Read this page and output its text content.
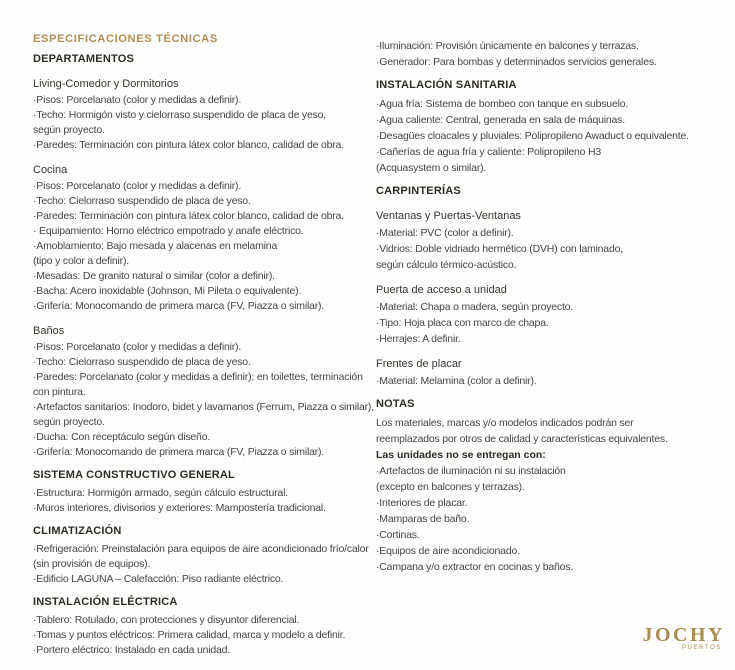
ESPECIFICACIONES TÉCNICAS
DEPARTAMENTOS
Living-Comedor y Dormitorios
·Pisos: Porcelanato (color y medidas a definir).
·Techo: Hormigón visto y cielorraso suspendido de placa de yeso,
según proyecto.
·Paredes: Terminación con pintura látex color blanco, calidad de obra.
Cocina
·Pisos: Porcelanato (color y medidas a definir).
·Techo: Cielorraso suspendido de placa de yeso.
·Paredes: Terminación con pintura látex color blanco, calidad de obra.
· Equipamiento: Horno eléctrico empotrado y anafe eléctrico.
·Amoblamiento: Bajo mesada y alacenas en melamina
(tipo y color a definir).
·Mesadas: De granito natural o similar (color a definir).
·Bacha: Acero inoxidable (Johnson, Mi Pileta o equivalente).
·Grifería: Monocomando de primera marca (FV, Piazza o similar).
Baños
·Pisos: Porcelanato (color y medidas a definir).
·Techo: Cielorraso suspendido de placa de yeso.
·Paredes: Porcelanato (color y medidas a definir); en toilettes, terminación
con pintura.
·Artefactos sanitarios: Inodoro, bidet y lavamanos (Ferrum, Piazza o similar),
según proyecto.
·Ducha: Con receptáculo según diseño.
·Grifería: Monocomando de primera marca (FV, Piazza o similar).
SISTEMA CONSTRUCTIVO GENERAL
·Estructura: Hormigón armado, según cálculo estructural.
·Muros interiores, divisorios y exteriores: Mampostería tradicional.
CLIMATIZACIÓN
·Refrigeración: Preinstalación para equipos de aire acondicionado frío/calor
(sin provisión de equipos).
·Edificio LAGUNA – Calefacción: Piso radiante eléctrico.
INSTALACIÓN ELÉCTRICA
·Tablero: Rotulado, con protecciones y disyuntor diferencial.
·Tomas y puntos eléctricos: Primera calidad, marca y modelo a definir.
·Portero eléctrico: Instalado en cada unidad.
·Iluminación: Provisión únicamente en balcones y terrazas.
·Generador: Para bombas y determinados servicios generales.
INSTALACIÓN SANITARIA
·Agua fría: Sistema de bombeo con tanque en subsuelo.
·Agua caliente: Central, generada en sala de máquinas.
·Desagües cloacales y pluviales: Polipropileno Awaduct o equivalente.
·Cañerías de agua fría y caliente: Polipropileno H3
(Acquasystem o similar).
CARPINTERÍAS
Ventanas y Puertas-Ventanas
·Material: PVC (color a definir).
·Vidrios: Doble vidriado hermético (DVH) con laminado,
según cálculo térmico-acústico.
Puerta de acceso a unidad
·Material: Chapa o madera, según proyecto.
·Tipo: Hoja placa con marco de chapa.
·Herrajes: A definir.
Frentes de placar
·Material: Melamina (color a definir).
NOTAS
Los materiales, marcas y/o modelos indicados podrán ser
reemplazados por otros de calidad y características equivalentes.
Las unidades no se entregan con:
·Artefactos de iluminación ni su instalación
(excepto en balcones y terrazas).
·Interiores de placar.
·Mamparas de baño.
·Cortinas.
·Equipos de aire acondicionado.
·Campana y/o extractor en cocinas y baños.
JOCHY
PUERTOS
